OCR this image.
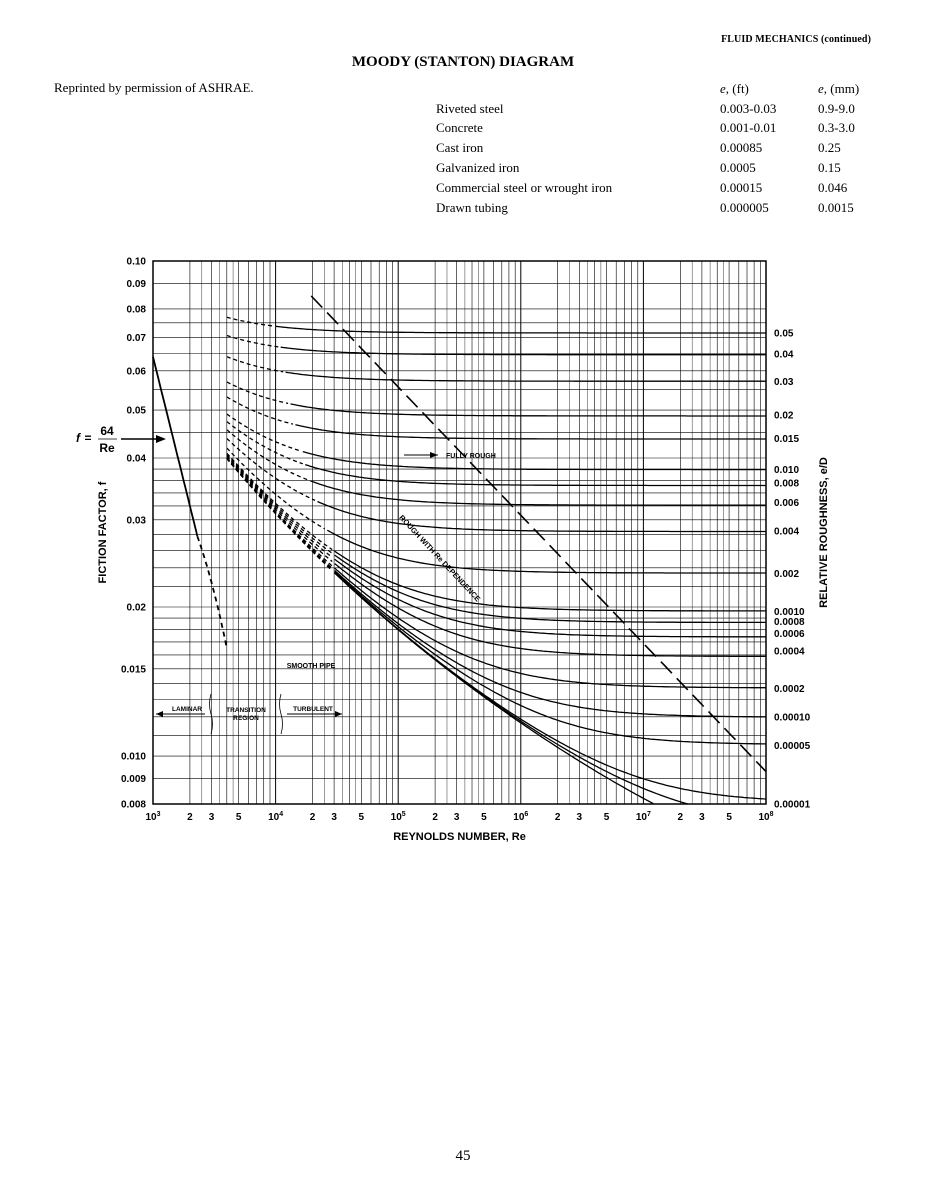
FLUID MECHANICS (continued)
MOODY (STANTON) DIAGRAM
Reprinted by permission of ASHRAE.
		e, (ft)	e, (mm)
Riveted steel	0.003-0.03	0.9-9.0
Concrete	0.001-0.01	0.3-3.0
Cast iron	0.00085	0.25
Galvanized iron	0.0005	0.15
Commercial steel or wrought iron	0.00015	0.046
Drawn tubing	0.000005	0.0015
FULLY ROUGH
ROUGH WITH Re DEPENDENCE
SMOOTH PIPE
LAMINAR	TRANSITION
REGION
TURBULENT
f = 64
Re
0.10
0.09
0.08
0.07
0.06
0.05
0.04
0.03
0.02
0.015
0.010
0.009
0.008
$10^3$	2 3 5	$10^4$	2 3 5	$10^5$	2 3 5	$10^6$	2 3 5	$10^7$	2 3 5	$10^8$
0.05
0.04
0.03
0.02
0.015
0.010
0.008
0.006
0.004
0.002
0.0010
0.0008
0.0006
0.0004
0.0002
0.00010
0.00005
0.00001
REYNOLDS NUMBER, Re
FICTION FACTOR, f	RELATIVE ROUGHNESS, e/D
45
